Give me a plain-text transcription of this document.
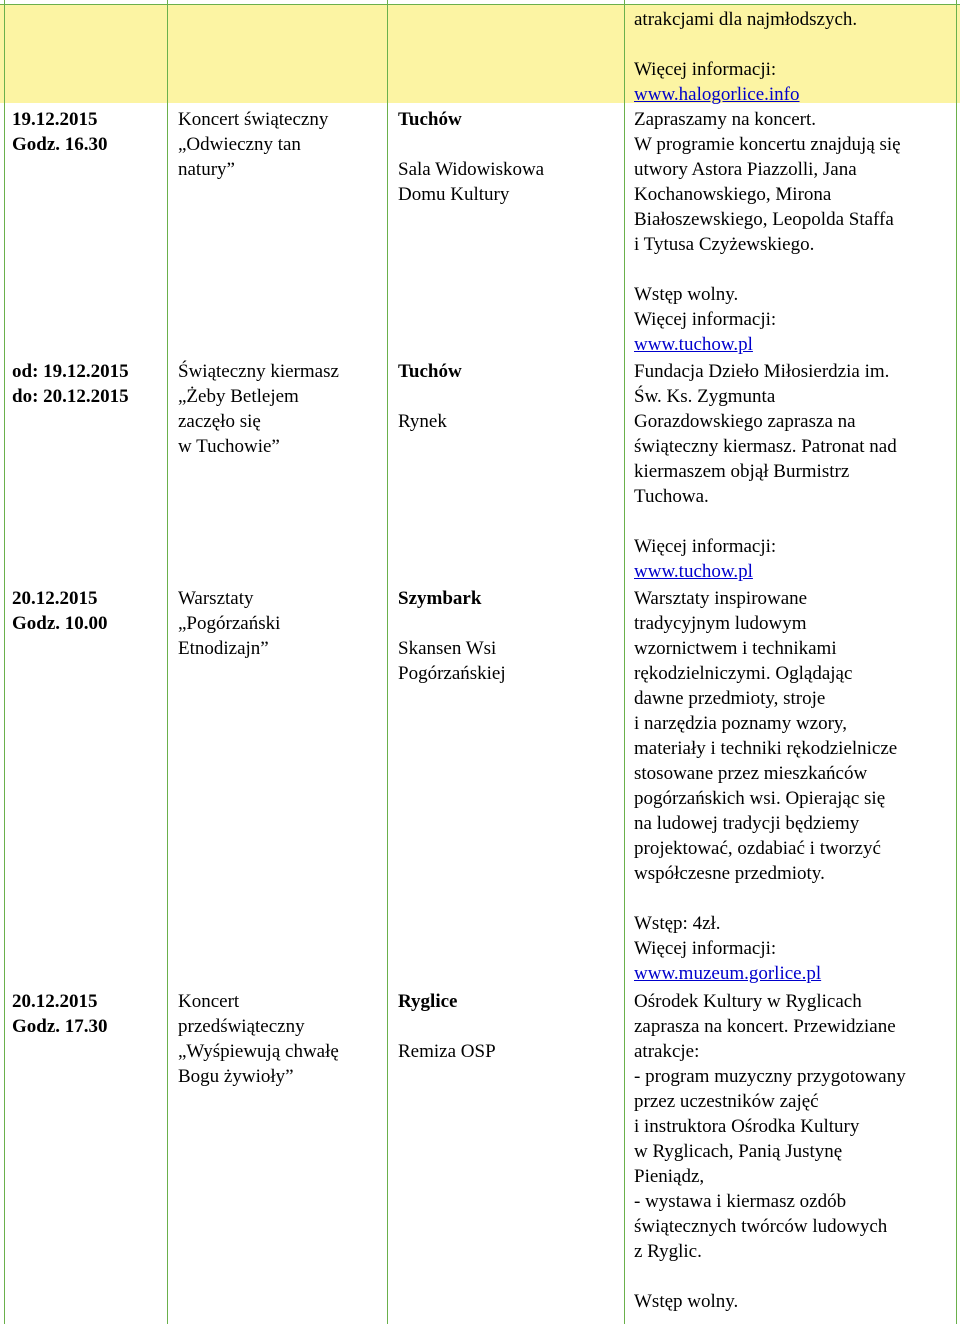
atrakcjami dla najmłodszych.

Więcej informacji:

www.halogorlice.info

19.12.2015

Godz. 16.30

Koncert świąteczny

„Odwieczny tan

natury”

Tuchów

Sala Widowiskowa

Domu Kultury

Zapraszamy na koncert.

W programie koncertu znajdują się

utwory Astora Piazzolli, Jana

Kochanowskiego, Mirona

Białoszewskiego, Leopolda Staffa

i Tytusa Czyżewskiego.

Wstęp wolny.

Więcej informacji:

www.tuchow.pl

od: 19.12.2015

do: 20.12.2015

Świąteczny kiermasz

„Żeby Betlejem

zaczęło się

w Tuchowie”

Tuchów

Rynek

Fundacja Dzieło Miłosierdzia im.

Św. Ks. Zygmunta

Gorazdowskiego zaprasza na

świąteczny kiermasz. Patronat nad

kiermaszem objął Burmistrz

Tuchowa.

Więcej informacji:

www.tuchow.pl

20.12.2015

Godz. 10.00

Warsztaty

„Pogórzański

Etnodizajn”

Szymbark

Skansen Wsi

Pogórzańskiej

Warsztaty inspirowane

tradycyjnym ludowym

wzornictwem i technikami

rękodzielniczymi. Oglądając

dawne przedmioty, stroje

i narzędzia poznamy wzory,

materiały i techniki rękodzielnicze

stosowane przez mieszkańców

pogórzańskich wsi. Opierając się

na ludowej tradycji będziemy

projektować, ozdabiać i tworzyć

współczesne przedmioty.

Wstęp: 4zł.

Więcej informacji:

www.muzeum.gorlice.pl

20.12.2015

Godz. 17.30

Koncert

przedświąteczny

„Wyśpiewują chwałę

Bogu żywioły”

Ryglice

Remiza OSP

Ośrodek Kultury w Ryglicach

zaprasza na koncert. Przewidziane

atrakcje:

- program muzyczny przygotowany

przez uczestników zajęć

i instruktora Ośrodka Kultury

w Ryglicach, Panią Justynę

Pieniądz,

- wystawa i kiermasz ozdób

świątecznych twórców ludowych

z Ryglic.

Wstęp wolny.
